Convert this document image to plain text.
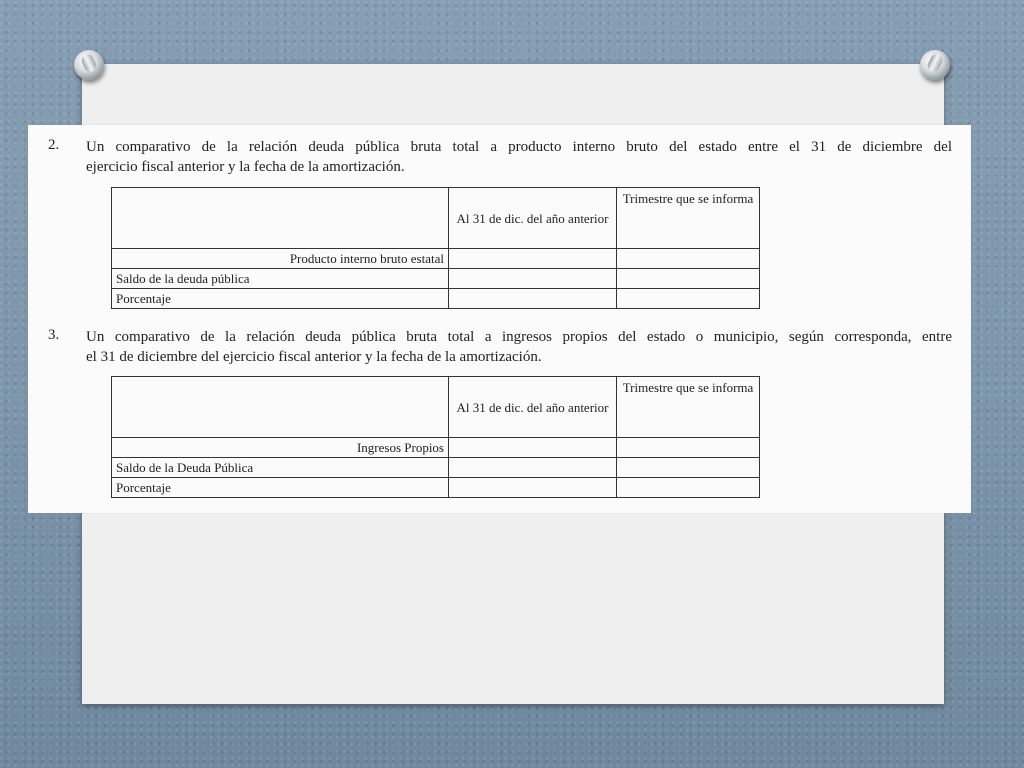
2. Un comparativo de la relación deuda pública bruta total a producto interno bruto del estado entre el 31 de diciembre del
ejercicio fiscal anterior y la fecha de la amortización.
	Al 31 de dic. del año anterior	Trimestre que se informa
Producto interno bruto estatal		
Saldo de la deuda pública		
Porcentaje		
3. Un comparativo de la relación deuda pública bruta total a ingresos propios del estado o municipio, según corresponda, entre
el 31 de diciembre del ejercicio fiscal anterior y la fecha de la amortización.
	Al 31 de dic. del año anterior	Trimestre que se informa
Ingresos Propios		
Saldo de la Deuda Pública		
Porcentaje		
